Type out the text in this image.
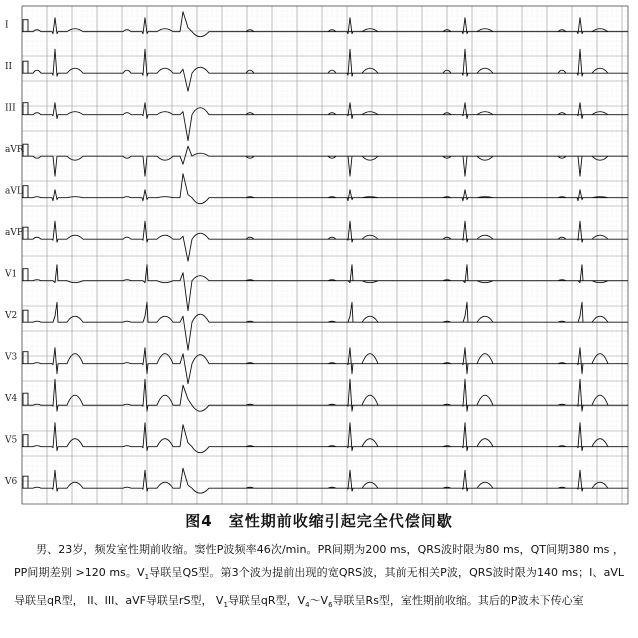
I
II
III
aVR
aVL
aVF
V1
V2
V3
V4
V5
V6
图4　室性期前收缩引起完全代偿间歇

男、23岁，频发室性期前收缩。窦性P波频率46次/min。PR间期为200 ms，QRS波时限为80 ms，QT间期380 ms ，PP间期差别 >120 ms。$V_1$导联呈QS型。第3个波为提前出现的宽QRS波，其前无相关P波，QRS波时限为140 ms；I、aVL导联呈qR型， II、III、aVF导联呈rS型， $V_1$导联呈qR型，$V_4\sim V_6$导联呈Rs型，室性期前收缩。其后的P波未下传心室
